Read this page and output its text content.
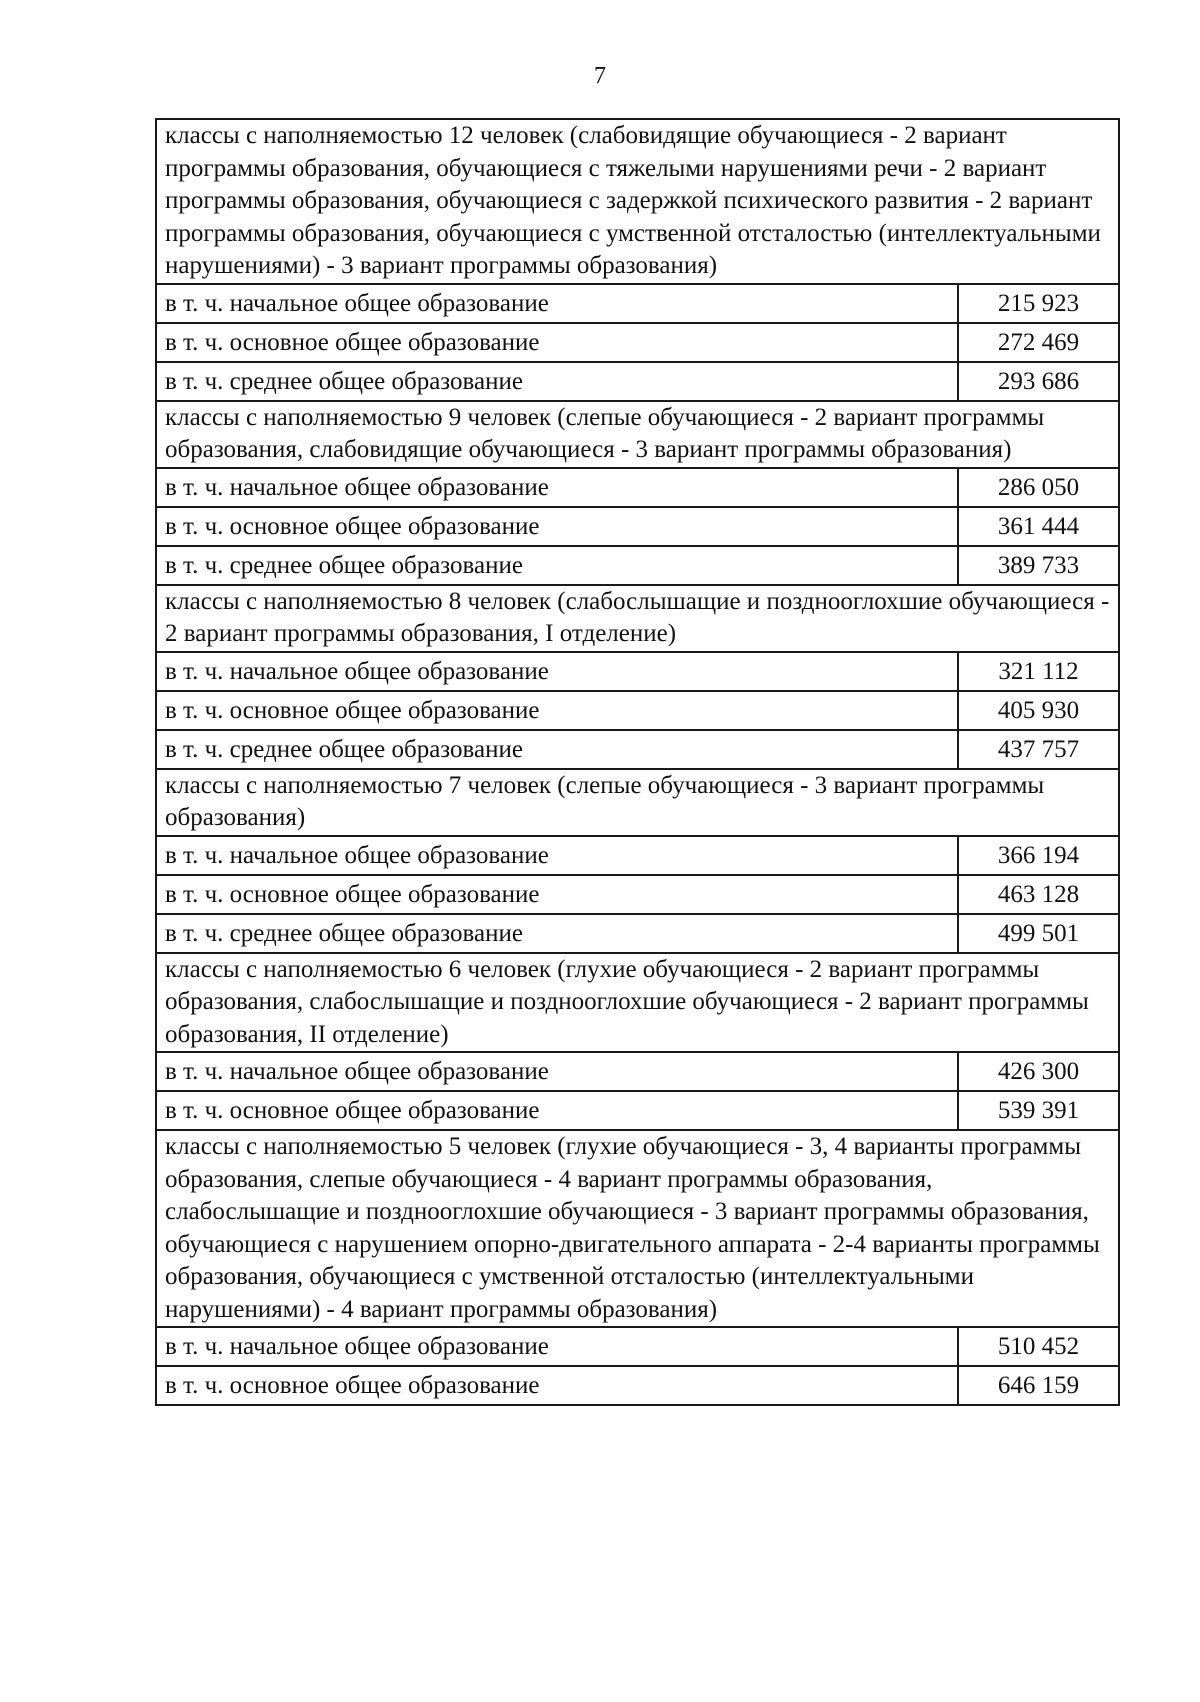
7
классы с наполняемостью 12 человек (слабовидящие обучающиеся - 2 вариант программы образования, обучающиеся с тяжелыми нарушениями речи - 2 вариант программы образования, обучающиеся с задержкой психического развития - 2 вариант программы образования, обучающиеся с умственной отсталостью (интеллектуальными нарушениями) - 3 вариант программы образования)	
в т. ч. начальное общее образование	215 923
в т. ч. основное общее образование	272 469
в т. ч. среднее общее образование	293 686
классы с наполняемостью 9 человек (слепые обучающиеся - 2 вариант программы образования, слабовидящие обучающиеся - 3 вариант программы образования)	
в т. ч. начальное общее образование	286 050
в т. ч. основное общее образование	361 444
в т. ч. среднее общее образование	389 733
классы с наполняемостью 8 человек (слабослышащие и позднооглохшие обучающиеся - 2 вариант программы образования, I отделение)	
в т. ч. начальное общее образование	321 112
в т. ч. основное общее образование	405 930
в т. ч. среднее общее образование	437 757
классы с наполняемостью 7 человек (слепые обучающиеся - 3 вариант программы образования)	
в т. ч. начальное общее образование	366 194
в т. ч. основное общее образование	463 128
в т. ч. среднее общее образование	499 501
классы с наполняемостью 6 человек (глухие обучающиеся - 2 вариант программы образования, слабослышащие и позднооглохшие обучающиеся - 2 вариант программы образования, II отделение)	
в т. ч. начальное общее образование	426 300
в т. ч. основное общее образование	539 391
классы с наполняемостью 5 человек (глухие обучающиеся - 3, 4 варианты программы образования, слепые обучающиеся - 4 вариант программы образования, слабослышащие и позднооглохшие обучающиеся - 3 вариант программы образования, обучающиеся с нарушением опорно-двигательного аппарата - 2-4 варианты программы образования, обучающиеся с умственной отсталостью (интеллектуальными нарушениями) - 4 вариант программы образования)	
в т. ч. начальное общее образование	510 452
в т. ч. основное общее образование	646 159
